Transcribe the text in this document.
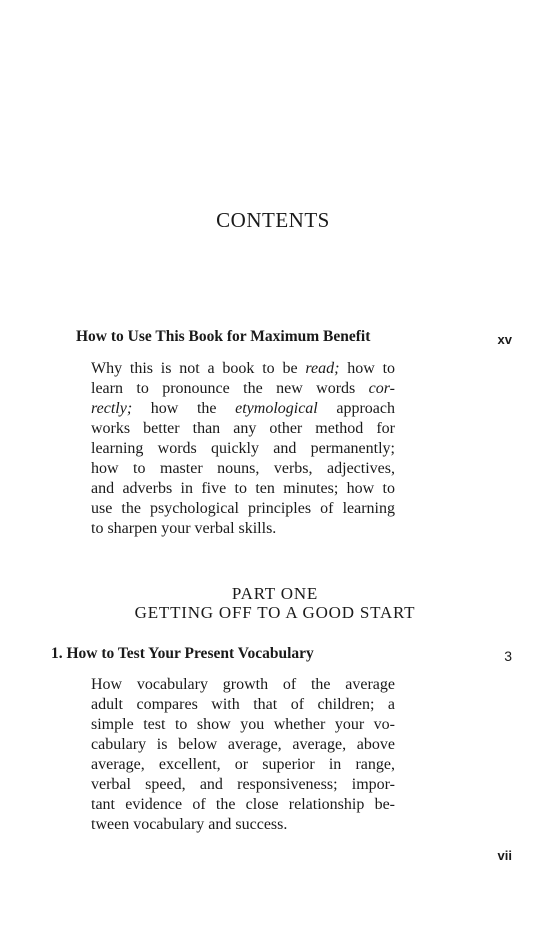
CONTENTS
How to Use This Book for Maximum Benefit	xv
Why this is not a book to be read; how to
learn to pronounce the new words cor-
rectly; how the etymological approach
works better than any other method for
learning words quickly and permanently;
how to master nouns, verbs, adjectives,
and adverbs in five to ten minutes; how to
use the psychological principles of learning
to sharpen your verbal skills.
PART ONE
GETTING OFF TO A GOOD START
1. How to Test Your Present Vocabulary	3
How vocabulary growth of the average
adult compares with that of children; a
simple test to show you whether your vo-
cabulary is below average, average, above
average, excellent, or superior in range,
verbal speed, and responsiveness; impor-
tant evidence of the close relationship be-
tween vocabulary and success.
vii
